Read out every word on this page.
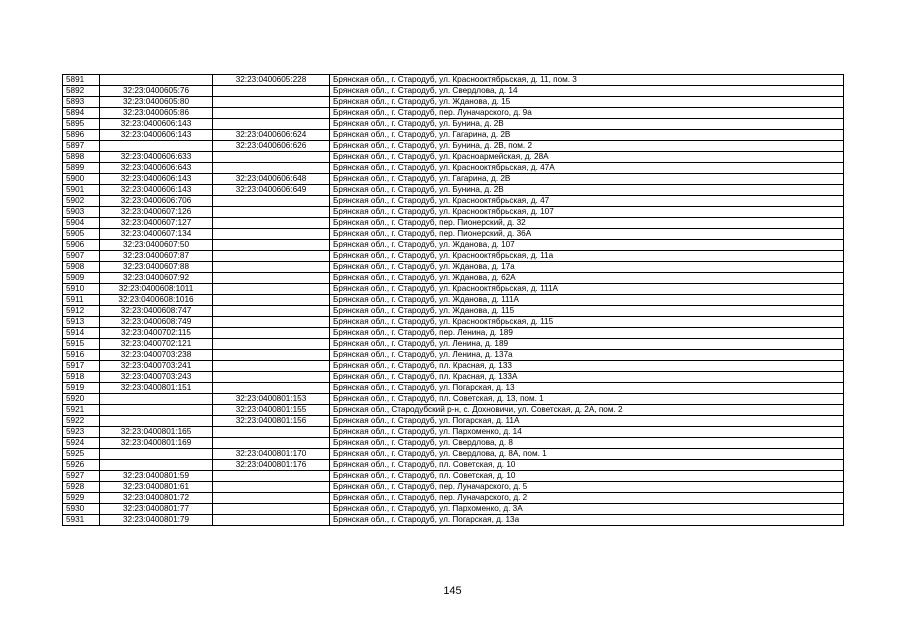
5891		32:23:0400605:228	Брянская обл., г. Стародуб, ул. Краснооктябрьская, д. 11, пом. 3
5892	32:23:0400605:76		Брянская обл., г. Стародуб, ул. Свердлова, д. 14
5893	32:23:0400605:80		Брянская обл., г. Стародуб, ул. Жданова, д. 15
5894	32:23:0400605:86		Брянская обл., г. Стародуб, пер. Луначарского, д. 9а
5895	32:23:0400606:143		Брянская обл., г. Стародуб, ул. Бунина, д. 2В
5896	32:23:0400606:143	32:23:0400606:624	Брянская обл., г. Стародуб, ул. Гагарина, д. 2В
5897		32:23:0400606:626	Брянская обл., г. Стародуб, ул. Бунина, д. 2В, пом. 2
5898	32:23:0400606:633		Брянская обл., г. Стародуб, ул. Красноармейская, д. 28А
5899	32:23:0400606:643		Брянская обл., г. Стародуб, ул. Краснооктябрьская, д. 47А
5900	32:23:0400606:143	32:23:0400606:648	Брянская обл., г. Стародуб, ул. Гагарина, д. 2В
5901	32:23:0400606:143	32:23:0400606:649	Брянская обл., г. Стародуб, ул. Бунина, д. 2В
5902	32:23:0400606:706		Брянская обл., г. Стародуб, ул. Краснооктябрьская, д. 47
5903	32:23:0400607:126		Брянская обл., г. Стародуб, ул. Краснооктябрьская, д. 107
5904	32:23:0400607:127		Брянская обл., г. Стародуб, пер. Пионерский, д. 32
5905	32:23:0400607:134		Брянская обл., г. Стародуб, пер. Пионерский, д. 36А
5906	32:23:0400607:50		Брянская обл., г. Стародуб, ул. Жданова, д. 107
5907	32:23:0400607:87		Брянская обл., г. Стародуб, ул. Краснооктябрьская, д. 11а
5908	32:23:0400607:88		Брянская обл., г. Стародуб, ул. Жданова, д. 17а
5909	32:23:0400607:92		Брянская обл., г. Стародуб, ул. Жданова, д. 62А
5910	32:23:0400608:1011		Брянская обл., г. Стародуб, ул. Краснооктябрьская, д. 111А
5911	32:23:0400608:1016		Брянская обл., г. Стародуб, ул. Жданова, д. 111А
5912	32:23:0400608:747		Брянская обл., г. Стародуб, ул. Жданова, д. 115
5913	32:23:0400608:749		Брянская обл., г. Стародуб, ул. Краснооктябрьская, д. 115
5914	32:23:0400702:115		Брянская обл., г. Стародуб, пер. Ленина, д. 189
5915	32:23:0400702:121		Брянская обл., г. Стародуб, ул. Ленина, д. 189
5916	32:23:0400703:238		Брянская обл., г. Стародуб, ул. Ленина, д. 137а
5917	32:23:0400703:241		Брянская обл., г. Стародуб, пл. Красная, д. 133
5918	32:23:0400703:243		Брянская обл., г. Стародуб, пл. Красная, д. 133А
5919	32:23:0400801:151		Брянская обл., г. Стародуб, ул. Погарская, д. 13
5920		32:23:0400801:153	Брянская обл., г. Стародуб, пл. Советская, д. 13, пом. 1
5921		32:23:0400801:155	Брянская обл., Стародубский р-н, с. Дохновичи, ул. Советская, д. 2А, пом. 2
5922		32:23:0400801:156	Брянская обл., г. Стародуб, ул. Погарская, д. 11А
5923	32:23:0400801:165		Брянская обл., г. Стародуб, ул. Пархоменко, д. 14
5924	32:23:0400801:169		Брянская обл., г. Стародуб, ул. Свердлова, д. 8
5925		32:23:0400801:170	Брянская обл., г. Стародуб, ул. Свердлова, д. 8А, пом. 1
5926		32:23:0400801:176	Брянская обл., г. Стародуб, пл. Советская, д. 10
5927	32:23:0400801:59		Брянская обл., г. Стародуб, пл. Советская, д. 10
5928	32:23:0400801:61		Брянская обл., г. Стародуб, пер. Луначарского, д. 5
5929	32:23:0400801:72		Брянская обл., г. Стародуб, пер. Луначарского, д. 2
5930	32:23:0400801:77		Брянская обл., г. Стародуб, ул. Пархоменко, д. 3А
5931	32:23:0400801:79		Брянская обл., г. Стародуб, ул. Погарская, д. 13а
145
